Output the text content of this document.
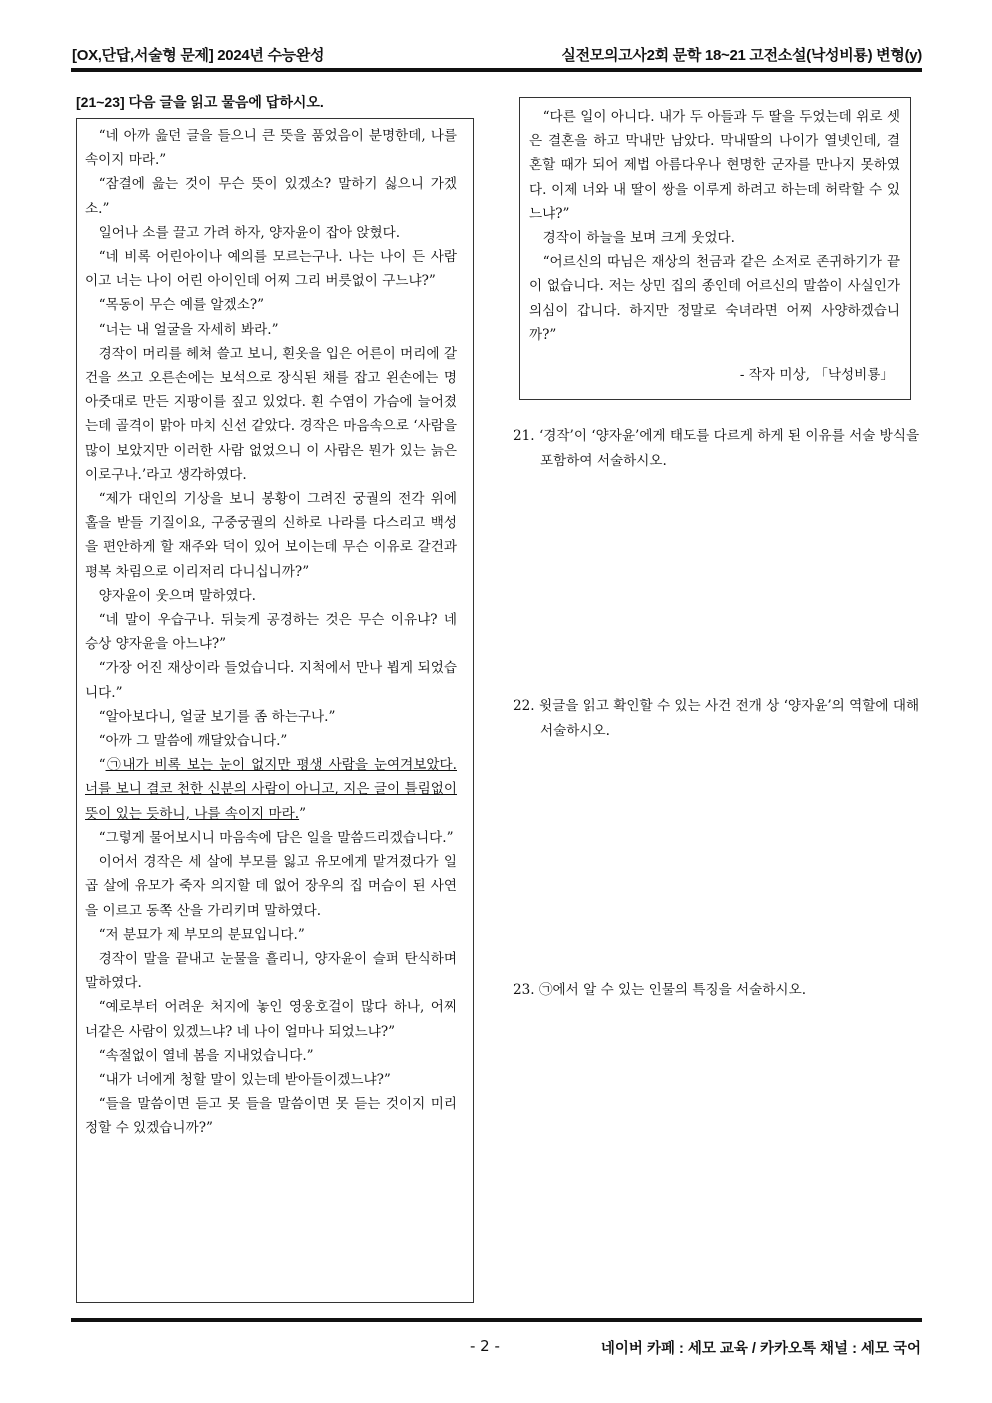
[OX,단답,서술형 문제] 2024년 수능완성	실전모의고사2회 문학 18~21 고전소설(낙성비룡) 변형(y)
[21~23] 다음 글을 읽고 물음에 답하시오.

“네 아까 읊던 글을 들으니 큰 뜻을 품었음이 분명한데, 나를 속이지 마라.”

“잠결에 읊는 것이 무슨 뜻이 있겠소? 말하기 싫으니 가겠소.”

일어나 소를 끌고 가려 하자, 양자윤이 잡아 앉혔다.

“네 비록 어린아이나 예의를 모르는구나. 나는 나이 든 사람이고 너는 나이 어린 아이인데 어찌 그리 버릇없이 구느냐?”

“목동이 무슨 예를 알겠소?”

“너는 내 얼굴을 자세히 봐라.”

경작이 머리를 헤쳐 쓸고 보니, 흰옷을 입은 어른이 머리에 갈건을 쓰고 오른손에는 보석으로 장식된 채를 잡고 왼손에는 명아줏대로 만든 지팡이를 짚고 있었다. 흰 수염이 가슴에 늘어졌는데 골격이 맑아 마치 신선 같았다. 경작은 마음속으로 ‘사람을 많이 보았지만 이러한 사람 없었으니 이 사람은 뭔가 있는 늙은이로구나.’라고 생각하였다.

“제가 대인의 기상을 보니 봉황이 그려진 궁궐의 전각 위에 홀을 받들 기질이요, 구중궁궐의 신하로 나라를 다스리고 백성을 편안하게 할 재주와 덕이 있어 보이는데 무슨 이유로 갈건과 평복 차림으로 이리저리 다니십니까?”

양자윤이 웃으며 말하였다.

“네 말이 우습구나. 뒤늦게 공경하는 것은 무슨 이유냐? 네 승상 양자윤을 아느냐?”

“가장 어진 재상이라 들었습니다. 지척에서 만나 뵙게 되었습니다.”

“알아보다니, 얼굴 보기를 좀 하는구나.”

“아까 그 말씀에 깨달았습니다.”

“㉠내가 비록 보는 눈이 없지만 평생 사람을 눈여겨보았다. 너를 보니 결코 천한 신분의 사람이 아니고, 지은 글이 틀림없이 뜻이 있는 듯하니, 나를 속이지 마라.”

“그렇게 물어보시니 마음속에 담은 일을 말씀드리겠습니다.”

이어서 경작은 세 살에 부모를 잃고 유모에게 맡겨졌다가 일곱 살에 유모가 죽자 의지할 데 없어 장우의 집 머슴이 된 사연을 이르고 동쪽 산을 가리키며 말하였다.

“저 분묘가 제 부모의 분묘입니다.”

경작이 말을 끝내고 눈물을 흘리니, 양자윤이 슬퍼 탄식하며 말하였다.

“예로부터 어려운 처지에 놓인 영웅호걸이 많다 하나, 어찌 너같은 사람이 있겠느냐? 네 나이 얼마나 되었느냐?”

“속절없이 열네 봄을 지내었습니다.”

“내가 너에게 청할 말이 있는데 받아들이겠느냐?”

“들을 말씀이면 듣고 못 들을 말씀이면 못 듣는 것이지 미리 정할 수 있겠습니까?”

“다른 일이 아니다. 내가 두 아들과 두 딸을 두었는데 위로 셋은 결혼을 하고 막내만 남았다. 막내딸의 나이가 열넷인데, 결혼할 때가 되어 제법 아름다우나 현명한 군자를 만나지 못하였다. 이제 너와 내 딸이 쌍을 이루게 하려고 하는데 허락할 수 있느냐?”

경작이 하늘을 보며 크게 웃었다.

“어르신의 따님은 재상의 천금과 같은 소저로 존귀하기가 끝이 없습니다. 저는 상민 집의 종인데 어르신의 말씀이 사실인가 의심이 갑니다. 하지만 정말로 숙녀라면 어찌 사양하겠습니까?”

- 작자 미상, 「낙성비룡」

21. ‘경작’이 ‘양자윤’에게 태도를 다르게 하게 된 이유를 서술 방식을 포함하여 서술하시오.
22. 윗글을 읽고 확인할 수 있는 사건 전개 상 ‘양자윤’의 역할에 대해 서술하시오.
23. ㉠에서 알 수 있는 인물의 특징을 서술하시오.
- 2 -	네이버 카페 : 세모 교육 / 카카오톡 채널 : 세모 국어
